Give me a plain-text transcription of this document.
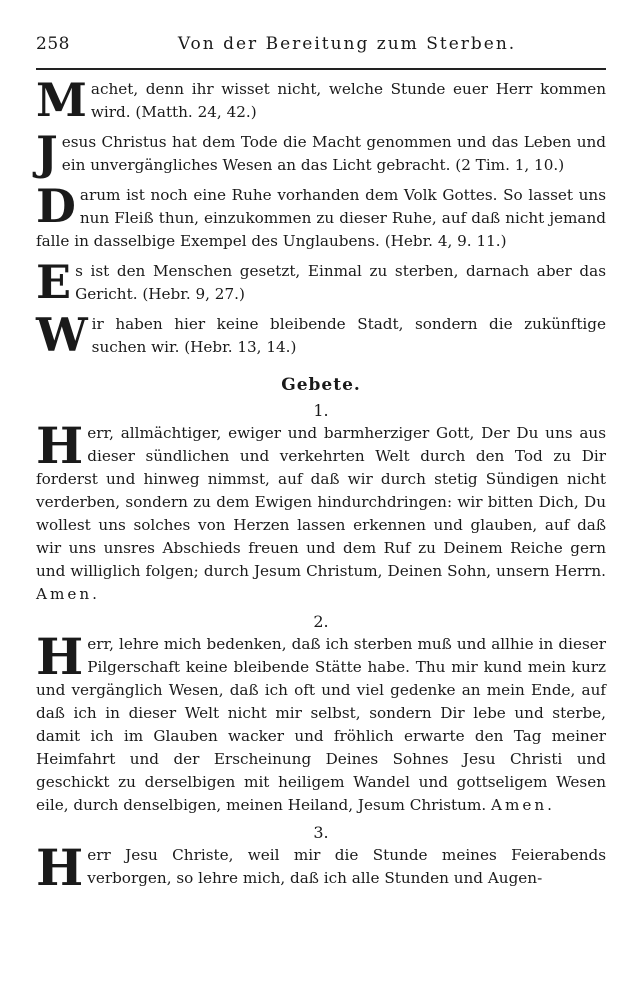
258	Von der Bereitung zum Sterben.

Machet, denn ihr wisset nicht, welche Stunde euer Herr kommen wird. (Matth. 24, 42.)

Jesus Christus hat dem Tode die Macht genommen und das Leben und ein unvergängliches Wesen an das Licht gebracht. (2 Tim. 1, 10.)

Darum ist noch eine Ruhe vorhanden dem Volk Gottes. So lasset uns nun Fleiß thun, einzukommen zu dieser Ruhe, auf daß nicht jemand falle in dasselbige Exempel des Unglaubens. (Hebr. 4, 9. 11.)

Es ist den Menschen gesetzt, Einmal zu sterben, darnach aber das Gericht. (Hebr. 9, 27.)

Wir haben hier keine bleibende Stadt, sondern die zukünftige suchen wir. (Hebr. 13, 14.)

Gebete.
1.

Herr, allmächtiger, ewiger und barmherziger Gott, Der Du uns aus dieser sündlichen und verkehrten Welt durch den Tod zu Dir forderst und hinweg nimmst, auf daß wir durch stetig Sündigen nicht verderben, sondern zu dem Ewigen hindurchdringen: wir bitten Dich, Du wollest uns solches von Herzen lassen erkennen und glauben, auf daß wir uns unsres Abschieds freuen und dem Ruf zu Deinem Reiche gern und williglich folgen; durch Jesum Christum, Deinen Sohn, unsern Herrn. Amen.

2.

Herr, lehre mich bedenken, daß ich sterben muß und allhie in dieser Pilgerschaft keine bleibende Stätte habe. Thu mir kund mein kurz und vergänglich Wesen, daß ich oft und viel gedenke an mein Ende, auf daß ich in dieser Welt nicht mir selbst, sondern Dir lebe und sterbe, damit ich im Glauben wacker und fröhlich erwarte den Tag meiner Heimfahrt und der Erscheinung Deines Sohnes Jesu Christi und geschickt zu derselbigen mit heiligem Wandel und gottseligem Wesen eile, durch denselbigen, meinen Heiland, Jesum Christum. Amen.

3.

Herr Jesu Christe, weil mir die Stunde meines Feierabends verborgen, so lehre mich, daß ich alle Stunden und Augen-
